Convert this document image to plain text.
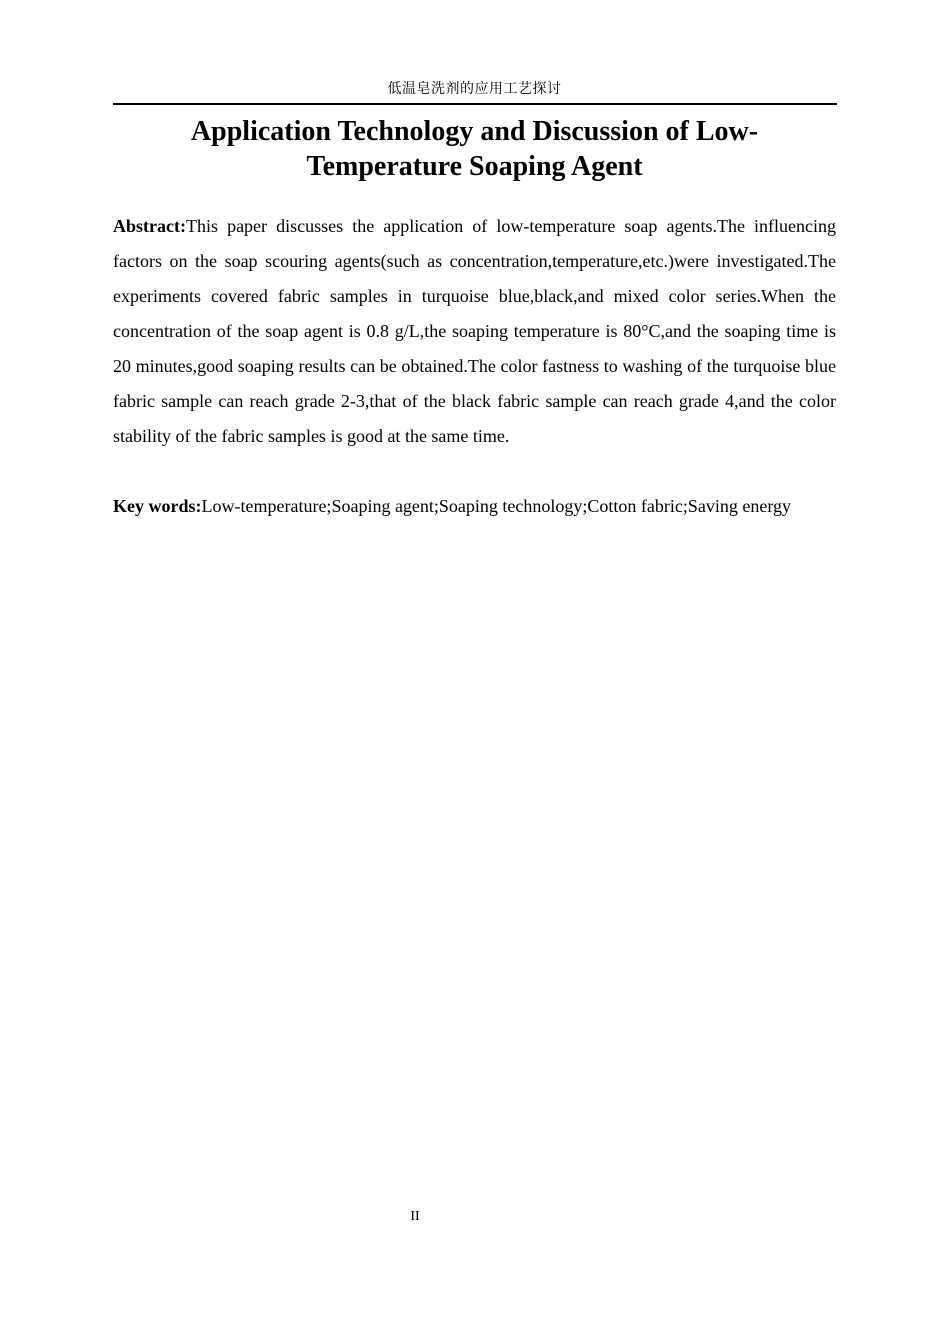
低温皂洗剂的应用工艺探讨
Application Technology and Discussion of Low-
Temperature Soaping Agent

Abstract:This paper discusses the application of low-temperature soap agents.The influencing factors on the soap scouring agents(such as concentration,temperature,etc.)were investigated.The experiments covered fabric samples in turquoise blue,black,and mixed color series.When the concentration of the soap agent is 0.8 g/L,the soaping temperature is 80°C,and the soaping time is 20 minutes,good soaping results can be obtained.The color fastness to washing of the turquoise blue fabric sample can reach grade 2-3,that of the black fabric sample can reach grade 4,and the color stability of the fabric samples is good at the same time.

Key words:Low-temperature;Soaping agent;Soaping technology;Cotton fabric;Saving energy

II
